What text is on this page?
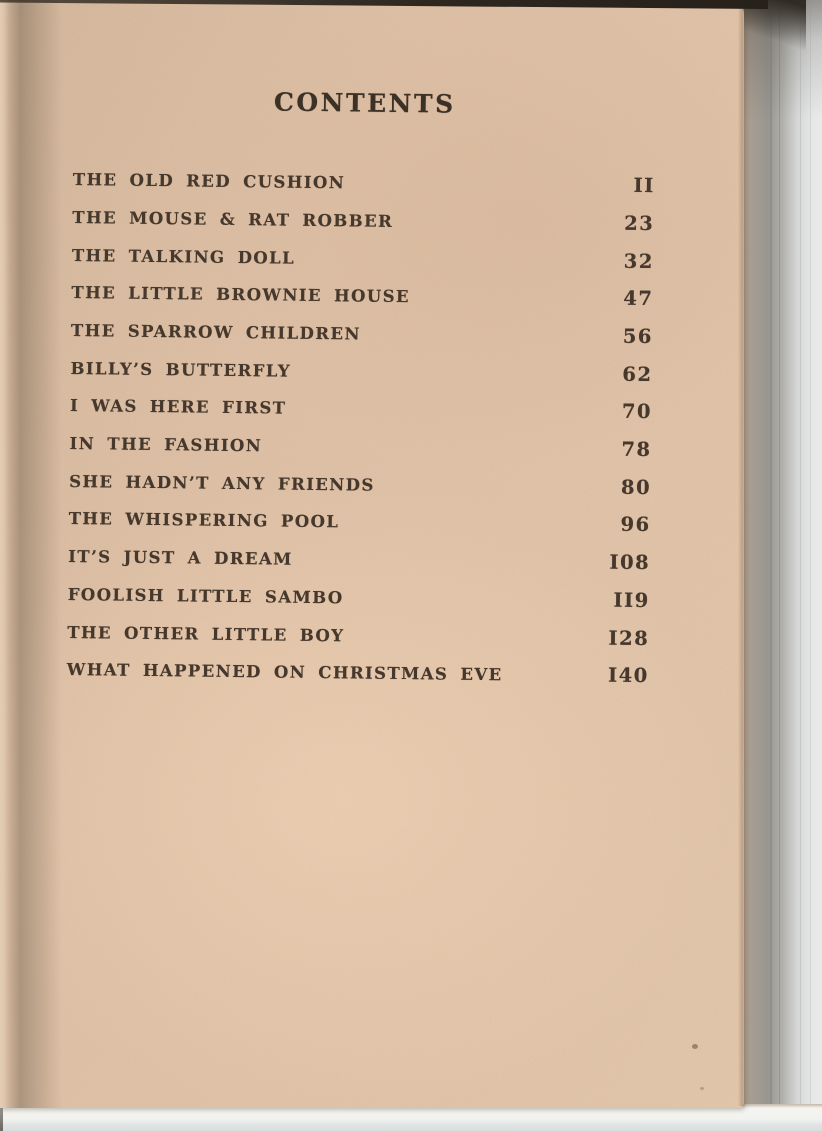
CONTENTS
THE OLD RED CUSHION	II
THE MOUSE & RAT ROBBER	23
THE TALKING DOLL	32
THE LITTLE BROWNIE HOUSE	47
THE SPARROW CHILDREN	56
BILLY’S BUTTERFLY	62
I WAS HERE FIRST	70
IN THE FASHION	78
SHE HADN’T ANY FRIENDS	80
THE WHISPERING POOL	96
IT’S JUST A DREAM	I08
FOOLISH LITTLE SAMBO	II9
THE OTHER LITTLE BOY	I28
WHAT HAPPENED ON CHRISTMAS EVE	I40
